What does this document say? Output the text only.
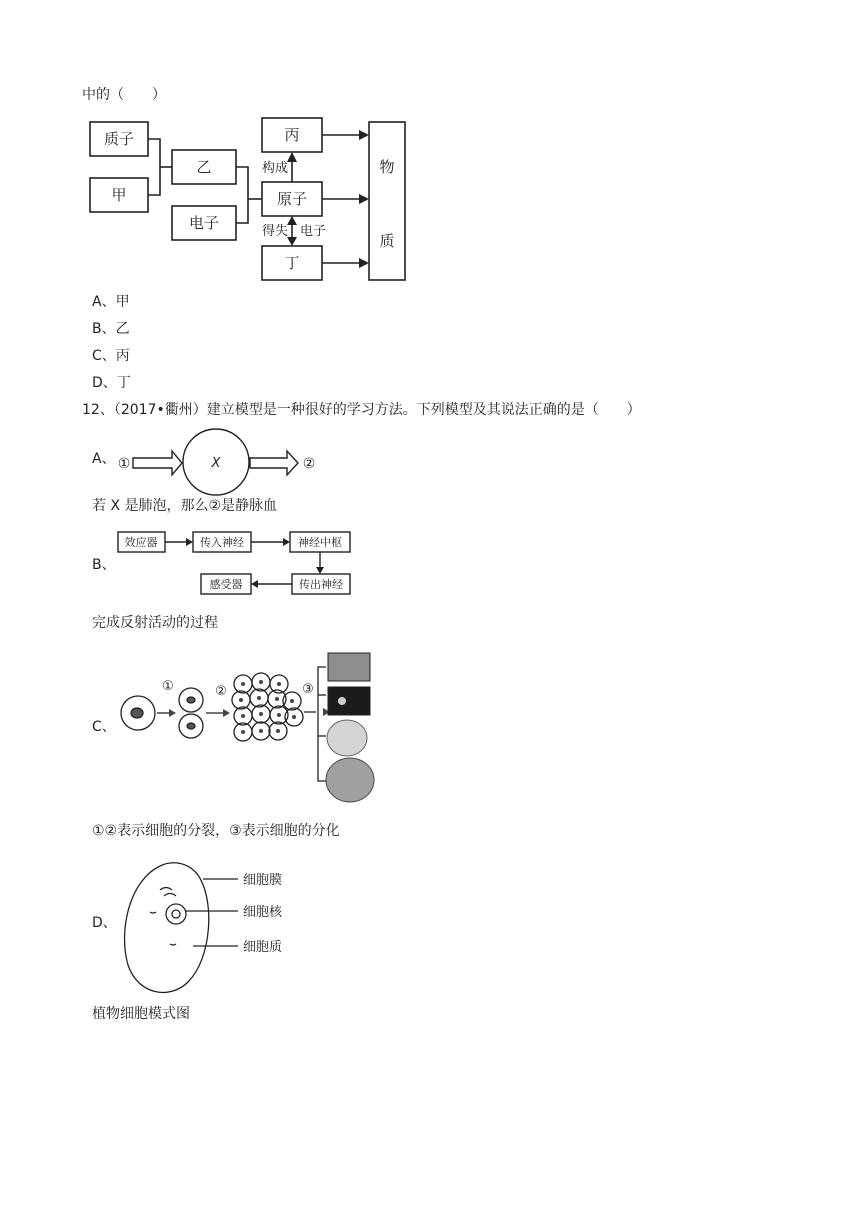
中的（　　）
质子
甲
乙
电子
丙
原子
丁
物
质
构成
得失 电子
A、甲
B、乙
C、丙
D、丁
12、（2017•衢州）建立模型是一种很好的学习方法。下列模型及其说法正确的是（　　）
A、 ①	X	②
若 X 是肺泡，那么②是静脉血
B、
效应器	传入神经	神经中枢
传出神经
感受器
完成反射活动的过程
C、
①	②	③
①②表示细胞的分裂，③表示细胞的分化
D、
细胞膜
细胞核
细胞质
植物细胞模式图
